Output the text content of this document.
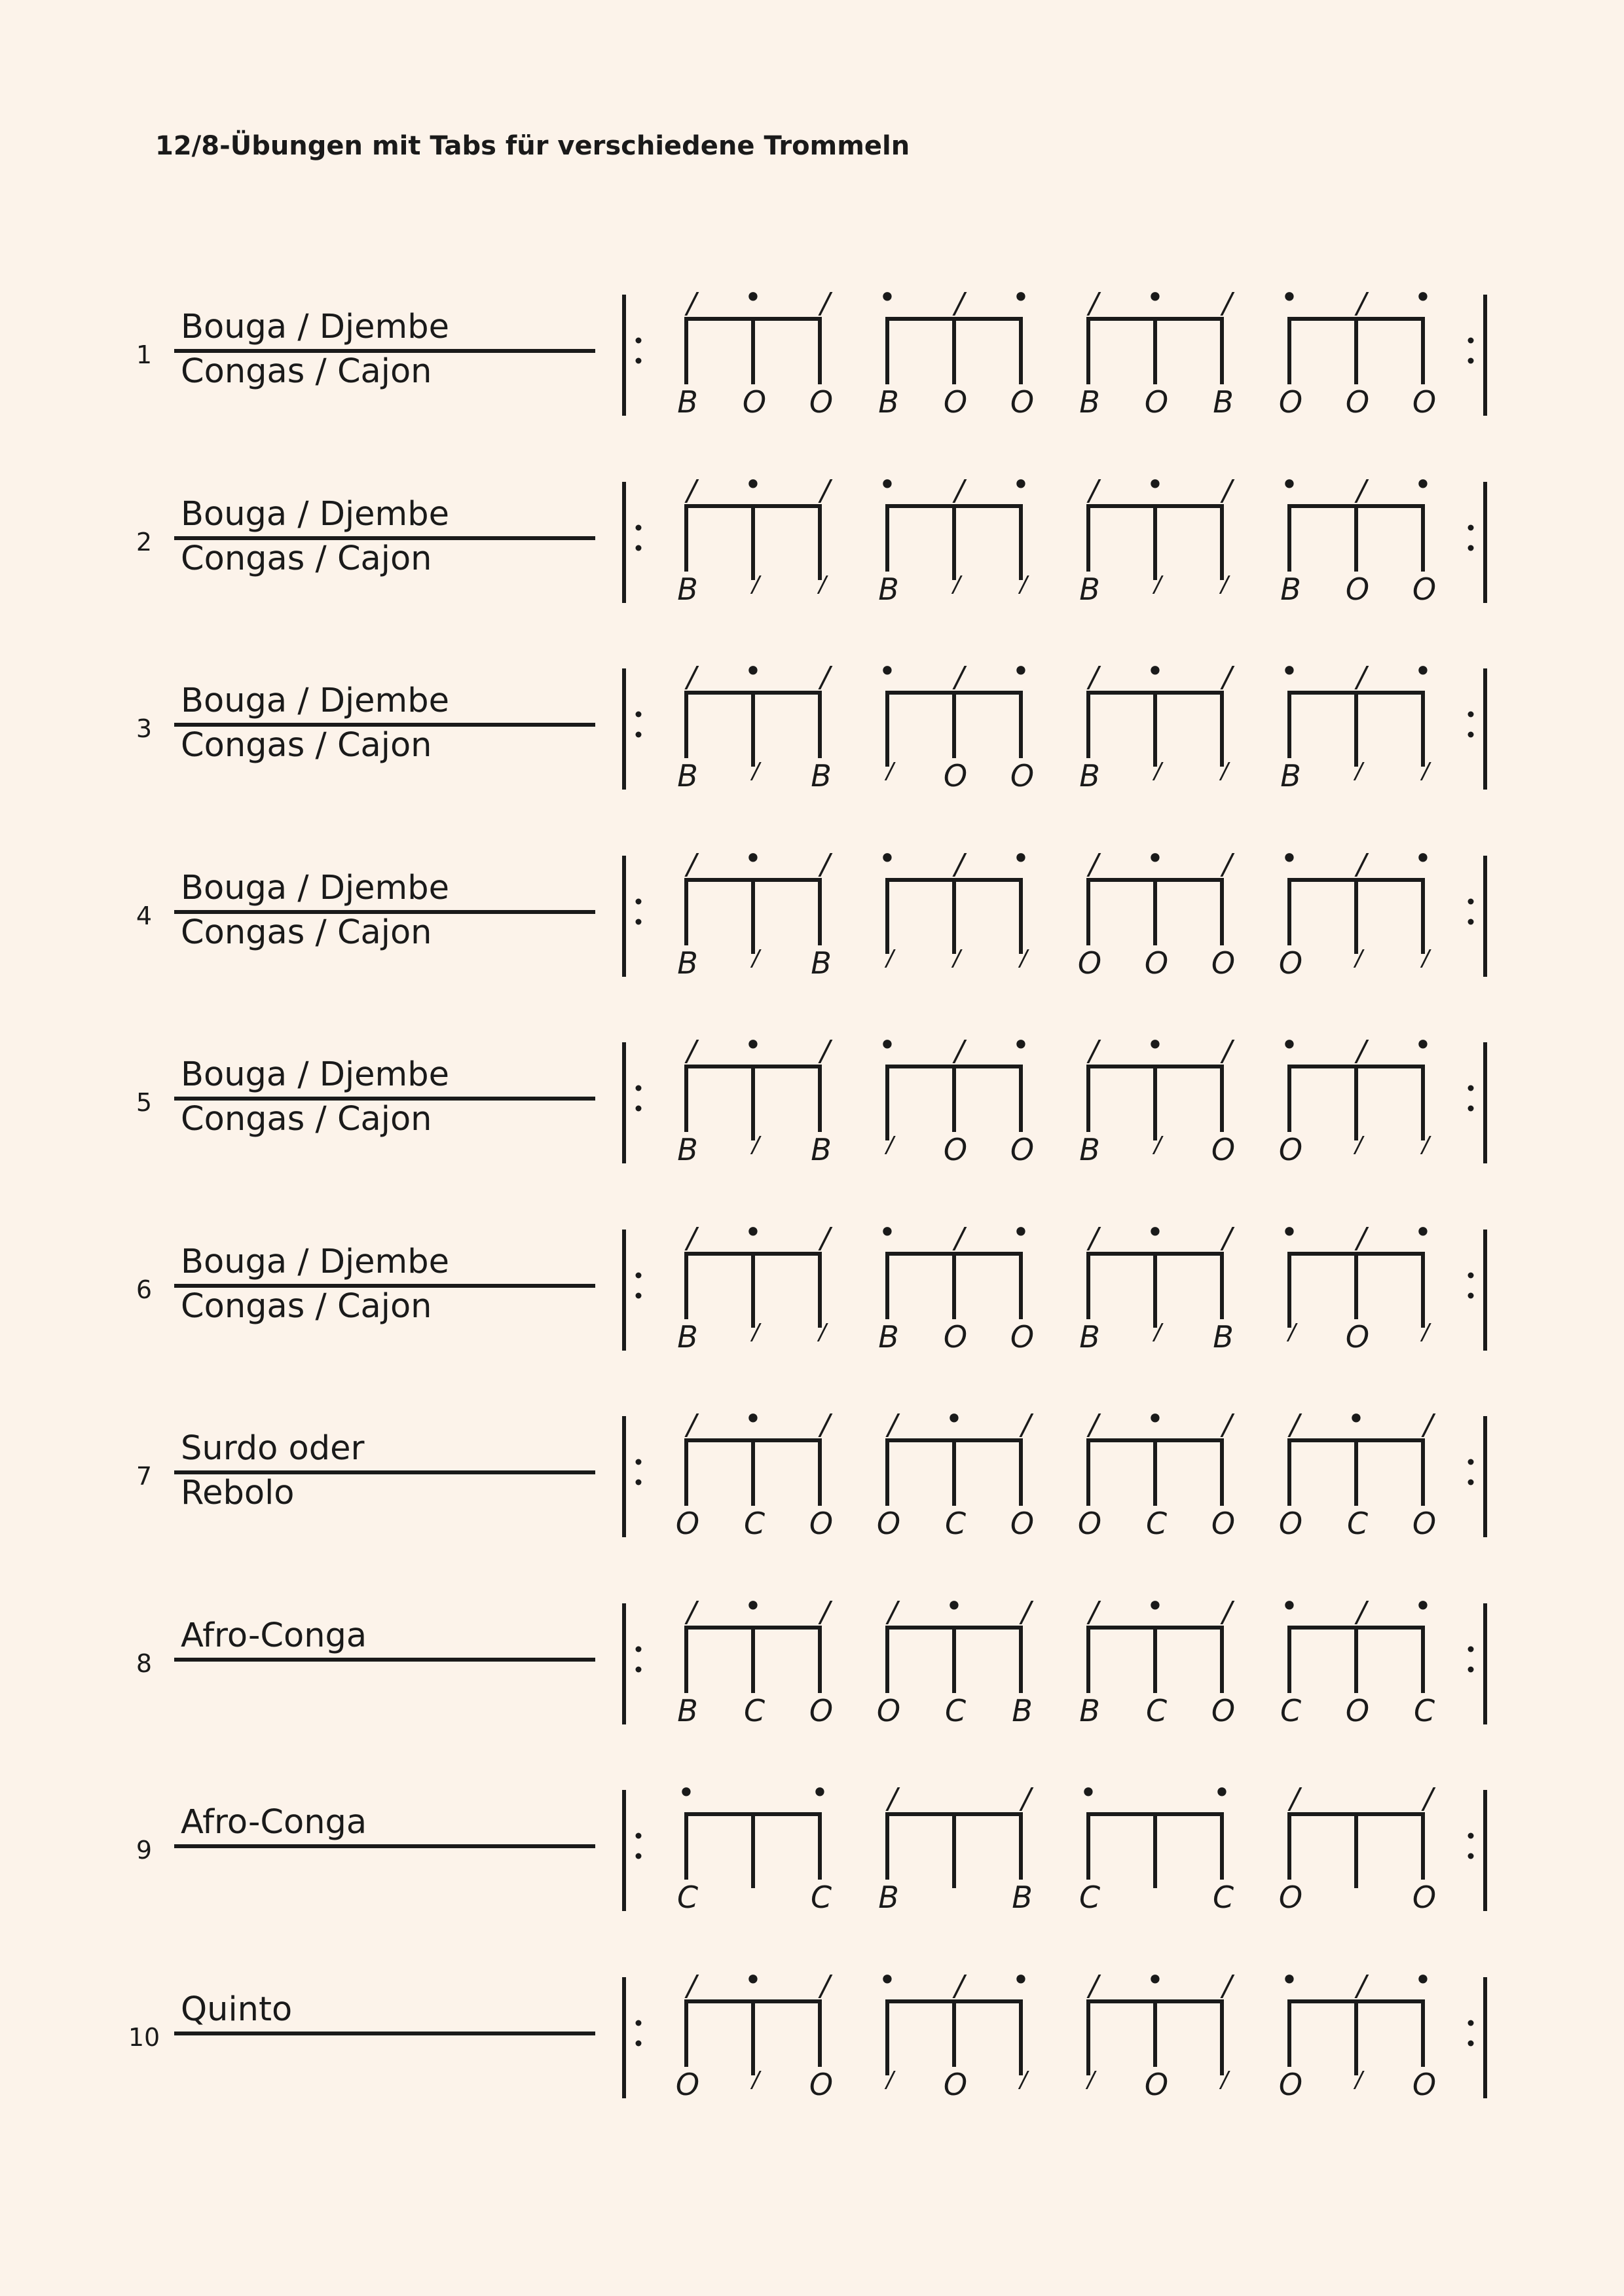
12/8-Übungen mit Tabs für verschiedene Trommeln
1
Bouga / Djembe
Congas / Cajon
/
B
•
O
/
O
•
B
/
O
•
O
/
B
•
O
/
B
•
O
/
O
•
O
2
Bouga / Djembe
Congas / Cajon
/
B
•
/
/
/
•
B
/
/
•
/
/
B
•
/
/
/
•
B
/
O
•
O
3
Bouga / Djembe
Congas / Cajon
/
B
•
/
/
B
•
/
/
O
•
O
/
B
•
/
/
/
•
B
/
/
•
/
4
Bouga / Djembe
Congas / Cajon
/
B
•
/
/
B
•
/
/
/
•
/
/
O
•
O
/
O
•
O
/
/
•
/
5
Bouga / Djembe
Congas / Cajon
/
B
•
/
/
B
•
/
/
O
•
O
/
B
•
/
/
O
•
O
/
/
•
/
6
Bouga / Djembe
Congas / Cajon
/
B
•
/
/
/
•
B
/
O
•
O
/
B
•
/
/
B
•
/
/
O
•
/
7
Surdo oder
Rebolo
/
O
•
C
/
O
/
O
•
C
/
O
/
O
•
C
/
O
/
O
•
C
/
O
8
Afro-Conga
/
B
•
C
/
O
/
O
•
C
/
B
/
B
•
C
/
O
•
C
/
O
•
C
9
Afro-Conga
•
C
•
C
/
B
/
B
•
C
•
C
/
O
/
O
10
Quinto
/
O
•
/
/
O
•
/
/
O
•
/
/
/
•
O
/
/
•
O
/
/
•
O
